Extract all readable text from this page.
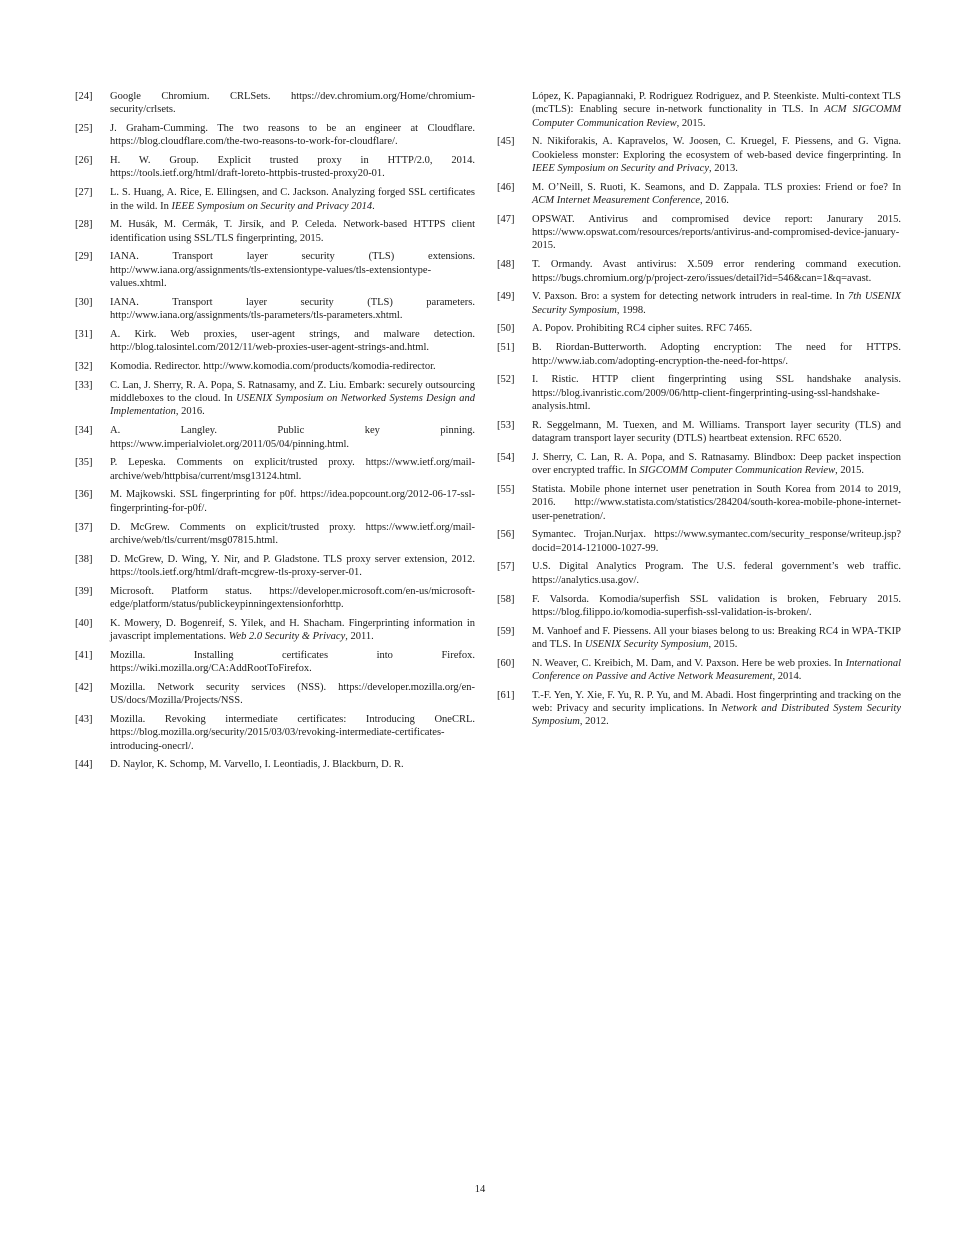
[24] Google Chromium. CRLSets. https://dev.chromium.org/Home/chromium-security/crlsets.
[25] J. Graham-Cumming. The two reasons to be an engineer at Cloudflare. https://blog.cloudflare.com/the-two-reasons-to-work-for-cloudflare/.
[26] H. W. Group. Explicit trusted proxy in HTTP/2.0, 2014. https://tools.ietf.org/html/draft-loreto-httpbis-trusted-proxy20-01.
[27] L. S. Huang, A. Rice, E. Ellingsen, and C. Jackson. Analyzing forged SSL certificates in the wild. In IEEE Symposium on Security and Privacy 2014.
[28] M. Husák, M. Cermák, T. Jirsík, and P. Celeda. Network-based HTTPS client identification using SSL/TLS fingerprinting, 2015.
[29] IANA. Transport layer security (TLS) extensions. http://www.iana.org/assignments/tls-extensiontype-values/tls-extensiontype-values.xhtml.
[30] IANA. Transport layer security (TLS) parameters. http://www.iana.org/assignments/tls-parameters/tls-parameters.xhtml.
[31] A. Kirk. Web proxies, user-agent strings, and malware detection. http://blog.talosintel.com/2012/11/web-proxies-user-agent-strings-and.html.
[32] Komodia. Redirector. http://www.komodia.com/products/komodia-redirector.
[33] C. Lan, J. Sherry, R. A. Popa, S. Ratnasamy, and Z. Liu. Embark: securely outsourcing middleboxes to the cloud. In USENIX Symposium on Networked Systems Design and Implementation, 2016.
[34] A. Langley. Public key pinning. https://www.imperialviolet.org/2011/05/04/pinning.html.
[35] P. Lepeska. Comments on explicit/trusted proxy. https://www.ietf.org/mail-archive/web/httpbisa/current/msg13124.html.
[36] M. Majkowski. SSL fingerprinting for p0f. https://idea.popcount.org/2012-06-17-ssl-fingerprinting-for-p0f/.
[37] D. McGrew. Comments on explicit/trusted proxy. https://www.ietf.org/mail-archive/web/tls/current/msg07815.html.
[38] D. McGrew, D. Wing, Y. Nir, and P. Gladstone. TLS proxy server extension, 2012. https://tools.ietf.org/html/draft-mcgrew-tls-proxy-server-01.
[39] Microsoft. Platform status. https://developer.microsoft.com/en-us/microsoft-edge/platform/status/publickeypinningextensionforhttp.
[40] K. Mowery, D. Bogenreif, S. Yilek, and H. Shacham. Fingerprinting information in javascript implementations. Web 2.0 Security & Privacy, 2011.
[41] Mozilla. Installing certificates into Firefox. https://wiki.mozilla.org/CA:AddRootToFirefox.
[42] Mozilla. Network security services (NSS). https://developer.mozilla.org/en-US/docs/Mozilla/Projects/NSS.
[43] Mozilla. Revoking intermediate certificates: Introducing OneCRL. https://blog.mozilla.org/security/2015/03/03/revoking-intermediate-certificates-introducing-onecrl/.
[44] D. Naylor, K. Schomp, M. Varvello, I. Leontiadis, J. Blackburn, D. R.
López, K. Papagiannaki, P. Rodriguez Rodriguez, and P. Steenkiste. Multi-context TLS (mcTLS): Enabling secure in-network functionality in TLS. In ACM SIGCOMM Computer Communication Review, 2015.
[45] N. Nikiforakis, A. Kapravelos, W. Joosen, C. Kruegel, F. Piessens, and G. Vigna. Cookieless monster: Exploring the ecosystem of web-based device fingerprinting. In IEEE Symposium on Security and Privacy, 2013.
[46] M. O’Neill, S. Ruoti, K. Seamons, and D. Zappala. TLS proxies: Friend or foe? In ACM Internet Measurement Conference, 2016.
[47] OPSWAT. Antivirus and compromised device report: Janurary 2015. https://www.opswat.com/resources/reports/antivirus-and-compromised-device-january-2015.
[48] T. Ormandy. Avast antivirus: X.509 error rendering command execution. https://bugs.chromium.org/p/project-zero/issues/detail?id=546&can=1&q=avast.
[49] V. Paxson. Bro: a system for detecting network intruders in real-time. In 7th USENIX Security Symposium, 1998.
[50] A. Popov. Prohibiting RC4 cipher suites. RFC 7465.
[51] B. Riordan-Butterworth. Adopting encryption: The need for HTTPS. http://www.iab.com/adopting-encryption-the-need-for-https/.
[52] I. Ristic. HTTP client fingerprinting using SSL handshake analysis. https://blog.ivanristic.com/2009/06/http-client-fingerprinting-using-ssl-handshake-analysis.html.
[53] R. Seggelmann, M. Tuexen, and M. Williams. Transport layer security (TLS) and datagram transport layer security (DTLS) heartbeat extension. RFC 6520.
[54] J. Sherry, C. Lan, R. A. Popa, and S. Ratnasamy. Blindbox: Deep packet inspection over encrypted traffic. In SIGCOMM Computer Communication Review, 2015.
[55] Statista. Mobile phone internet user penetration in South Korea from 2014 to 2019, 2016. http://www.statista.com/statistics/284204/south-korea-mobile-phone-internet-user-penetration/.
[56] Symantec. Trojan.Nurjax. https://www.symantec.com/security_response/writeup.jsp?docid=2014-121000-1027-99.
[57] U.S. Digital Analytics Program. The U.S. federal government’s web traffic. https://analytics.usa.gov/.
[58] F. Valsorda. Komodia/superfish SSL validation is broken, February 2015. https://blog.filippo.io/komodia-superfish-ssl-validation-is-broken/.
[59] M. Vanhoef and F. Piessens. All your biases belong to us: Breaking RC4 in WPA-TKIP and TLS. In USENIX Security Symposium, 2015.
[60] N. Weaver, C. Kreibich, M. Dam, and V. Paxson. Here be web proxies. In International Conference on Passive and Active Network Measurement, 2014.
[61] T.-F. Yen, Y. Xie, F. Yu, R. P. Yu, and M. Abadi. Host fingerprinting and tracking on the web: Privacy and security implications. In Network and Distributed System Security Symposium, 2012.
14
